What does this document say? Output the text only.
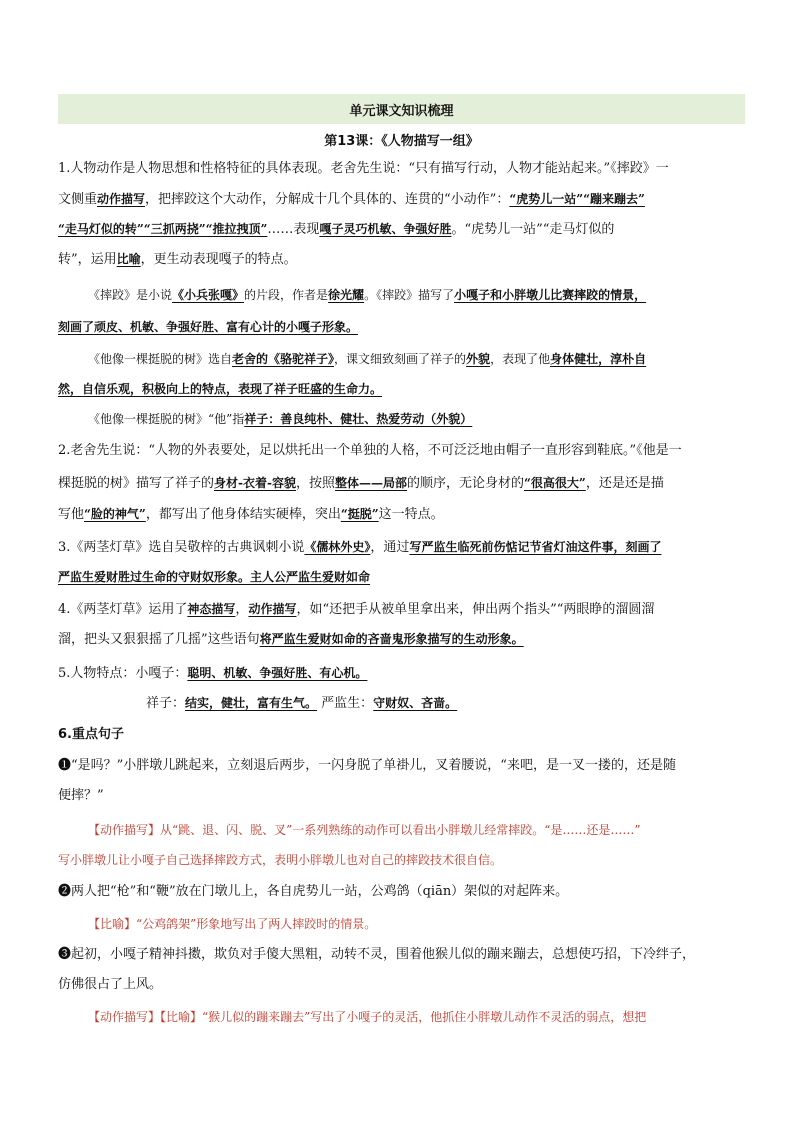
单元课文知识梳理
第13课：《人物描写一组》
1.人物动作是人物思想和性格特征的具体表现。老舍先生说：“只有描写行动，人物才能站起来。”《摔跤》一
文侧重动作描写，把摔跤这个大动作，分解成十几个具体的、连贯的“小动作”：“虎势儿一站”“蹦来蹦去”
“走马灯似的转”“三抓两挠”“推拉拽顶”……表现嘎子灵巧机敏、争强好胜。“虎势儿一站”“走马灯似的
转”，运用比喻，更生动表现嘎子的特点。
《摔跤》是小说《小兵张嘎》的片段，作者是徐光耀。《摔跤》描写了小嘎子和小胖墩儿比赛摔跤的情景，
刻画了顽皮、机敏、争强好胜、富有心计的小嘎子形象。
《他像一棵挺脱的树》选自老舍的《骆驼祥子》，课文细致刻画了祥子的外貌，表现了他身体健壮，淳朴自
然，自信乐观，积极向上的特点，表现了祥子旺盛的生命力。
《他像一棵挺脱的树》“他”指祥子：善良纯朴、健壮、热爱劳动（外貌）
2.老舍先生说：“人物的外表要处，足以烘托出一个单独的人格，不可泛泛地由帽子一直形容到鞋底。”《他是一
棵挺脱的树》描写了祥子的身材-衣着-容貌，按照整体——局部的顺序，无论身材的“很高很大”，还是还是描
写他“脸的神气”，都写出了他身体结实硬棒，突出“挺脱”这一特点。
3.《两茎灯草》选自吴敬梓的古典讽刺小说《儒林外史》，通过写严监生临死前伤惦记节省灯油这件事，刻画了
严监生爱财胜过生命的守财奴形象。主人公严监生爱财如命
4.《两茎灯草》运用了神态描写，动作描写，如“还把手从被单里拿出来，伸出两个指头”“两眼睁的溜圆溜
溜，把头又狠狠摇了几摇”这些语句将严监生爱财如命的吝啬鬼形象描写的生动形象。
5.人物特点：小嘎子：聪明、机敏、争强好胜、有心机。
祥子：结实，健壮，富有生气。 严监生：守财奴、吝啬。
6.重点句子
❶“是吗？”小胖墩儿跳起来，立刻退后两步，一闪身脱了单褂儿，叉着腰说，“来吧，是一叉一搂的，还是随
便摔？”
【动作描写】从“跳、退、闪、脱、叉”一系列熟练的动作可以看出小胖墩儿经常摔跤。“是……还是……”
写小胖墩儿让小嘎子自己选择摔跤方式，表明小胖墩儿也对自己的摔跤技术很自信。
❷两人把“枪”和“鞭”放在门墩儿上，各自虎势儿一站，公鸡鸽（qiān）架似的对起阵来。
【比喻】“公鸡鸽架”形象地写出了两人摔跤时的情景。
❸起初，小嘎子精神抖擞，欺负对手傻大黑粗，动转不灵，围着他猴儿似的蹦来蹦去，总想使巧招，下冷绊子，
仿佛很占了上风。
【动作描写】【比喻】“猴儿似的蹦来蹦去”写出了小嘎子的灵活，他抓住小胖墩儿动作不灵活的弱点，想把
